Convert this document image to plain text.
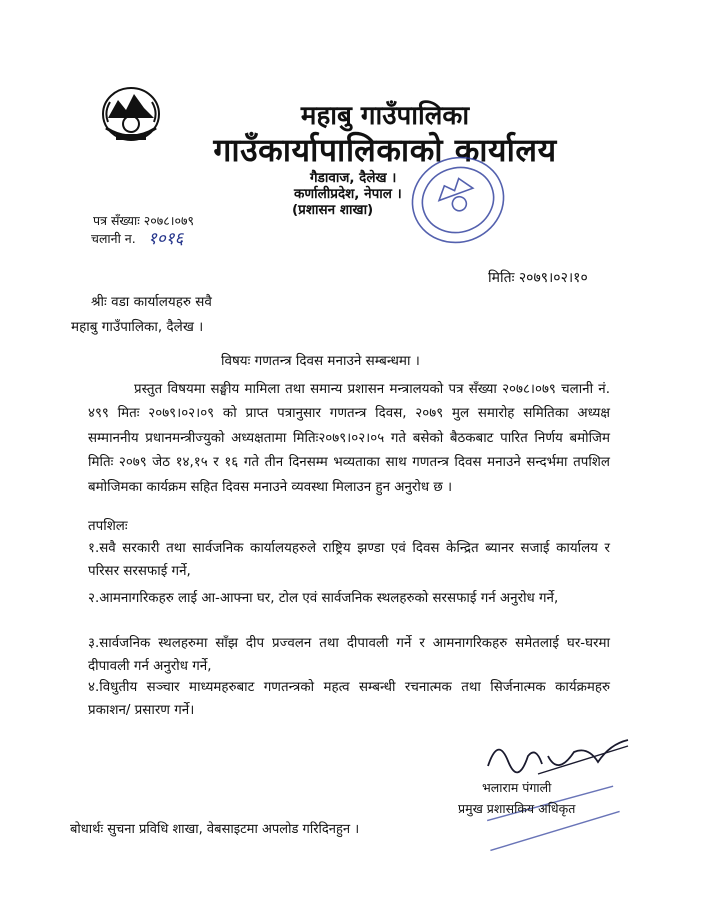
महाबु गाउँपालिका
गाउँकार्यापालिकाको कार्यालय
गैडावाज, दैलेख ।
कर्णालीप्रदेश, नेपाल ।
(प्रशासन शाखा)
पत्र सँख्याः २०७८।०७९
चलानी न. १०१६
मितिः २०७९।०२।१०
श्रीः वडा कार्यालयहरु सवै
महाबु गाउँपालिका, दैलेख ।
विषयः गणतन्त्र दिवस मनाउने सम्बन्धमा ।
प्रस्तुत विषयमा सङ्घीय मामिला तथा समान्य प्रशासन मन्त्रालयको पत्र सँख्या २०७८।०७९ चलानी नं. ४९९ मितः २०७९।०२।०९ को प्राप्त पत्रानुसार गणतन्त्र दिवस, २०७९ मुल समारोह समितिका अध्यक्ष सम्माननीय प्रधानमन्त्रीज्युको अध्यक्षतामा मितिः२०७९।०२।०५ गते बसेको बैठकबाट पारित निर्णय बमोजिम मितिः २०७९ जेठ १४,१५ र १६ गते तीन दिनसम्म भव्यताका साथ गणतन्त्र दिवस मनाउने सन्दर्भमा तपशिल बमोजिमका कार्यक्रम सहित दिवस मनाउने व्यवस्था मिलाउन हुन अनुरोध छ ।
तपशिलः
१.सवै सरकारी तथा सार्वजनिक कार्यालयहरुले राष्ट्रिय झण्डा एवं दिवस केन्द्रित ब्यानर सजाई कार्यालय र परिसर सरसफाई गर्ने,
२.आमनागरिकहरु लाई आ-आफ्ना घर, टोल एवं सार्वजनिक स्थलहरुको सरसफाई गर्न अनुरोध गर्ने,
३.सार्वजनिक स्थलहरुमा साँझ दीप प्रज्वलन तथा दीपावली गर्ने र आमनागरिकहरु समेतलाई घर-घरमा दीपावली गर्न अनुरोध गर्ने,
४.विधुतीय सञ्चार माध्यमहरुबाट गणतन्त्रको महत्व सम्बन्धी रचनात्मक तथा सिर्जनात्मक कार्यक्रमहरु प्रकाशन/ प्रसारण गर्ने।
भलाराम पंगाली
प्रमुख प्रशासकिय अधिकृत
बोधार्थः सुचना प्रविधि शाखा, वेबसाइटमा अपलोड गरिदिनहुन ।
